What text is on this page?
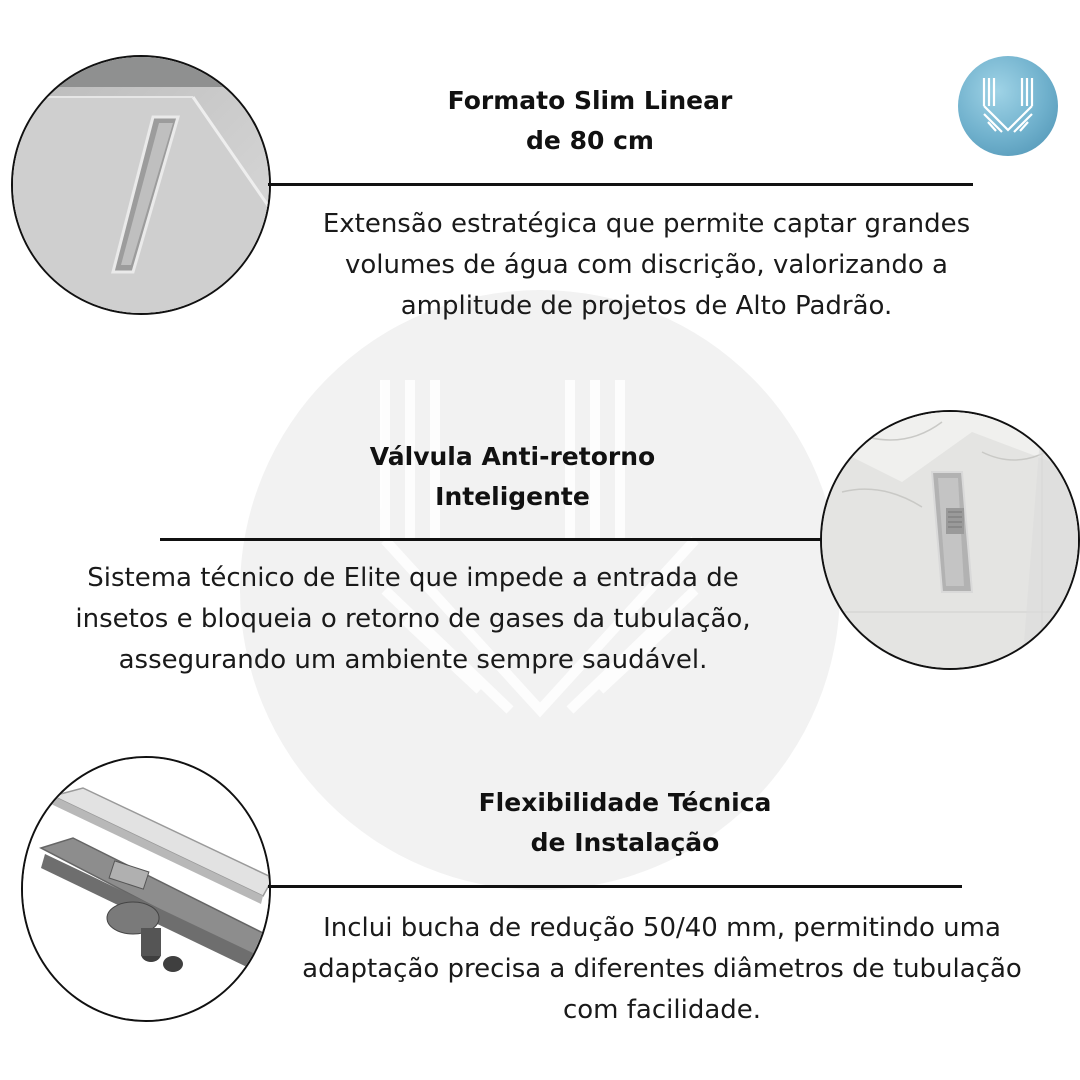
Formato Slim Linear
de 80 cm
Extensão estratégica que permite captar grandes
volumes de água com discrição, valorizando a
amplitude de projetos de Alto Padrão.
Válvula Anti-retorno
Inteligente
Sistema técnico de Elite que impede a entrada de
insetos e bloqueia o retorno de gases da tubulação,
assegurando um ambiente sempre saudável.
Flexibilidade Técnica
de Instalação
Inclui bucha de redução 50/40 mm, permitindo uma
adaptação precisa a diferentes diâmetros de tubulação
com facilidade.
